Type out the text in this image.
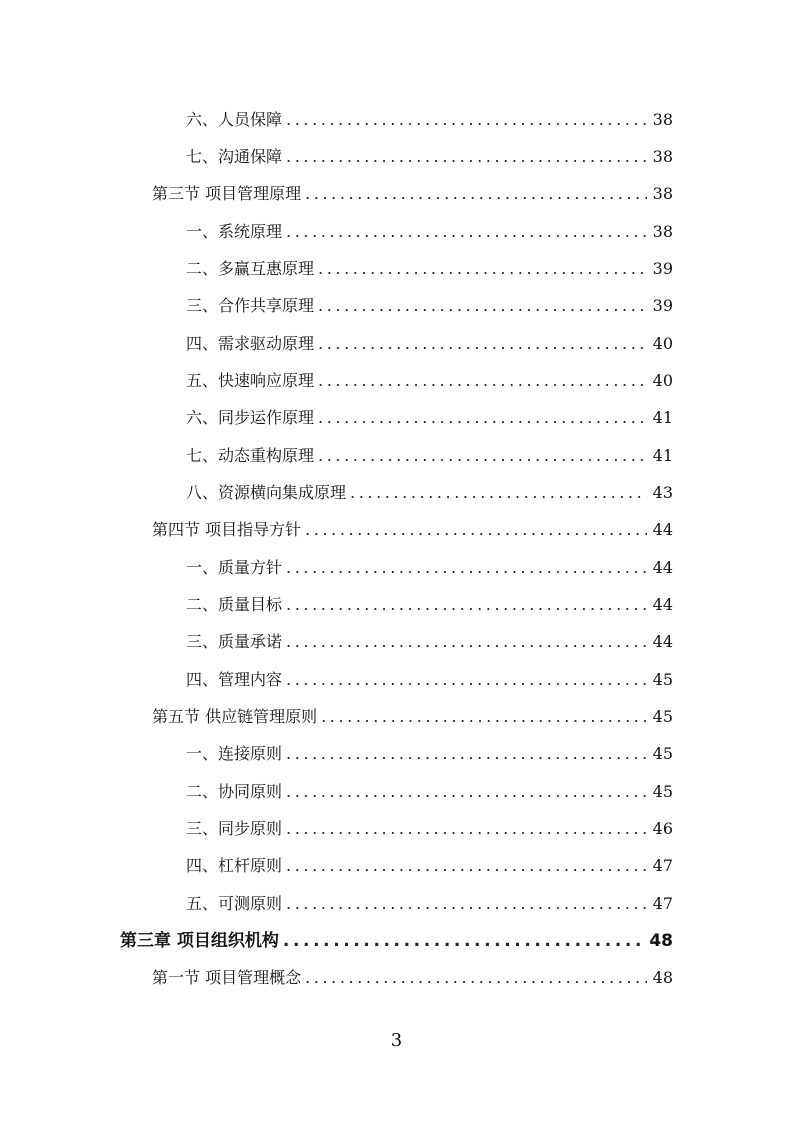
六、人员保障 .....	38
七、沟通保障 .....	38
第三节 项目管理原理 .....	38
一、系统原理 .....	38
二、多赢互惠原理 .....	39
三、合作共享原理 .....	39
四、需求驱动原理 .....	40
五、快速响应原理 .....	40
六、同步运作原理 .....	41
七、动态重构原理 .....	41
八、资源横向集成原理 .....	43
第四节 项目指导方针 .....	44
一、质量方针 .....	44
二、质量目标 .....	44
三、质量承诺 .....	44
四、管理内容 .....	45
第五节 供应链管理原则 .....	45
一、连接原则 .....	45
二、协同原则 .....	45
三、同步原则 .....	46
四、杠杆原则 .....	47
五、可测原则 .....	47
第三章 项目组织机构 .....	48
第一节 项目管理概念 .....	48
3
